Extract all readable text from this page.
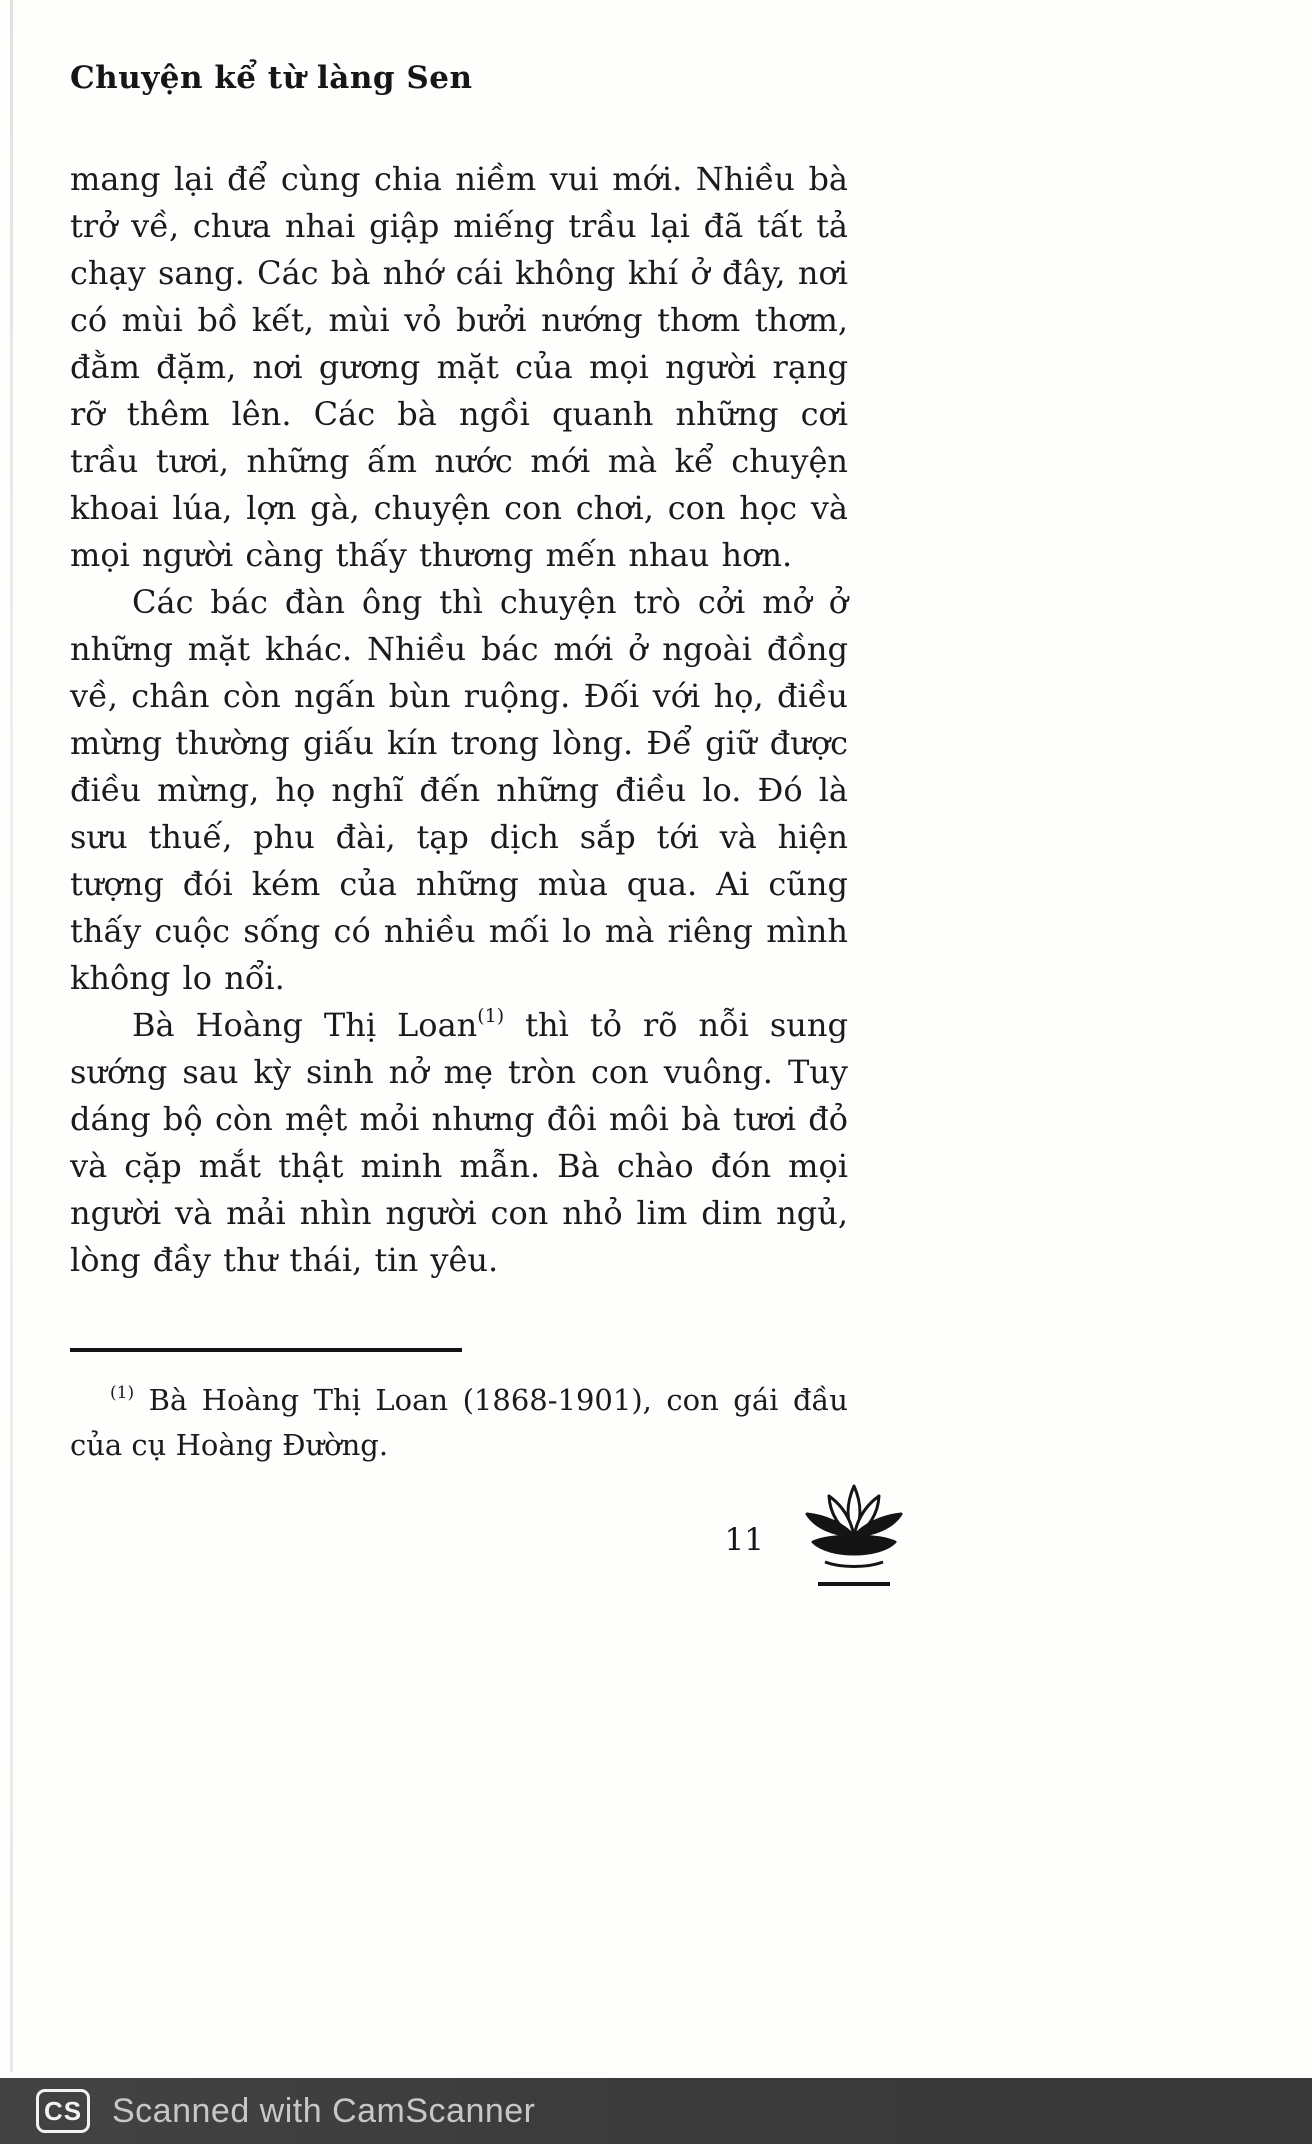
Chuyện kể từ làng Sen

mang lại để cùng chia niềm vui mới. Nhiều bà trở về, chưa nhai giập miếng trầu lại đã tất tả chạy sang. Các bà nhớ cái không khí ở đây, nơi có mùi bồ kết, mùi vỏ bưởi nướng thơm thơm, đằm đặm, nơi gương mặt của mọi người rạng rỡ thêm lên. Các bà ngồi quanh những cơi trầu tươi, những ấm nước mới mà kể chuyện khoai lúa, lợn gà, chuyện con chơi, con học và mọi người càng thấy thương mến nhau hơn.

Các bác đàn ông thì chuyện trò cởi mở ở những mặt khác. Nhiều bác mới ở ngoài đồng về, chân còn ngấn bùn ruộng. Đối với họ, điều mừng thường giấu kín trong lòng. Để giữ được điều mừng, họ nghĩ đến những điều lo. Đó là sưu thuế, phu đài, tạp dịch sắp tới và hiện tượng đói kém của những mùa qua. Ai cũng thấy cuộc sống có nhiều mối lo mà riêng mình không lo nổi.

Bà Hoàng Thị Loan$^{(1)}$ thì tỏ rõ nỗi sung sướng sau kỳ sinh nở mẹ tròn con vuông. Tuy dáng bộ còn mệt mỏi nhưng đôi môi bà tươi đỏ và cặp mắt thật minh mẫn. Bà chào đón mọi người và mải nhìn người con nhỏ lim dim ngủ, lòng đầy thư thái, tin yêu.

$^{(1)}$ Bà Hoàng Thị Loan (1868-1901), con gái đầu của cụ Hoàng Đường.

11
CS Scanned with CamScanner
